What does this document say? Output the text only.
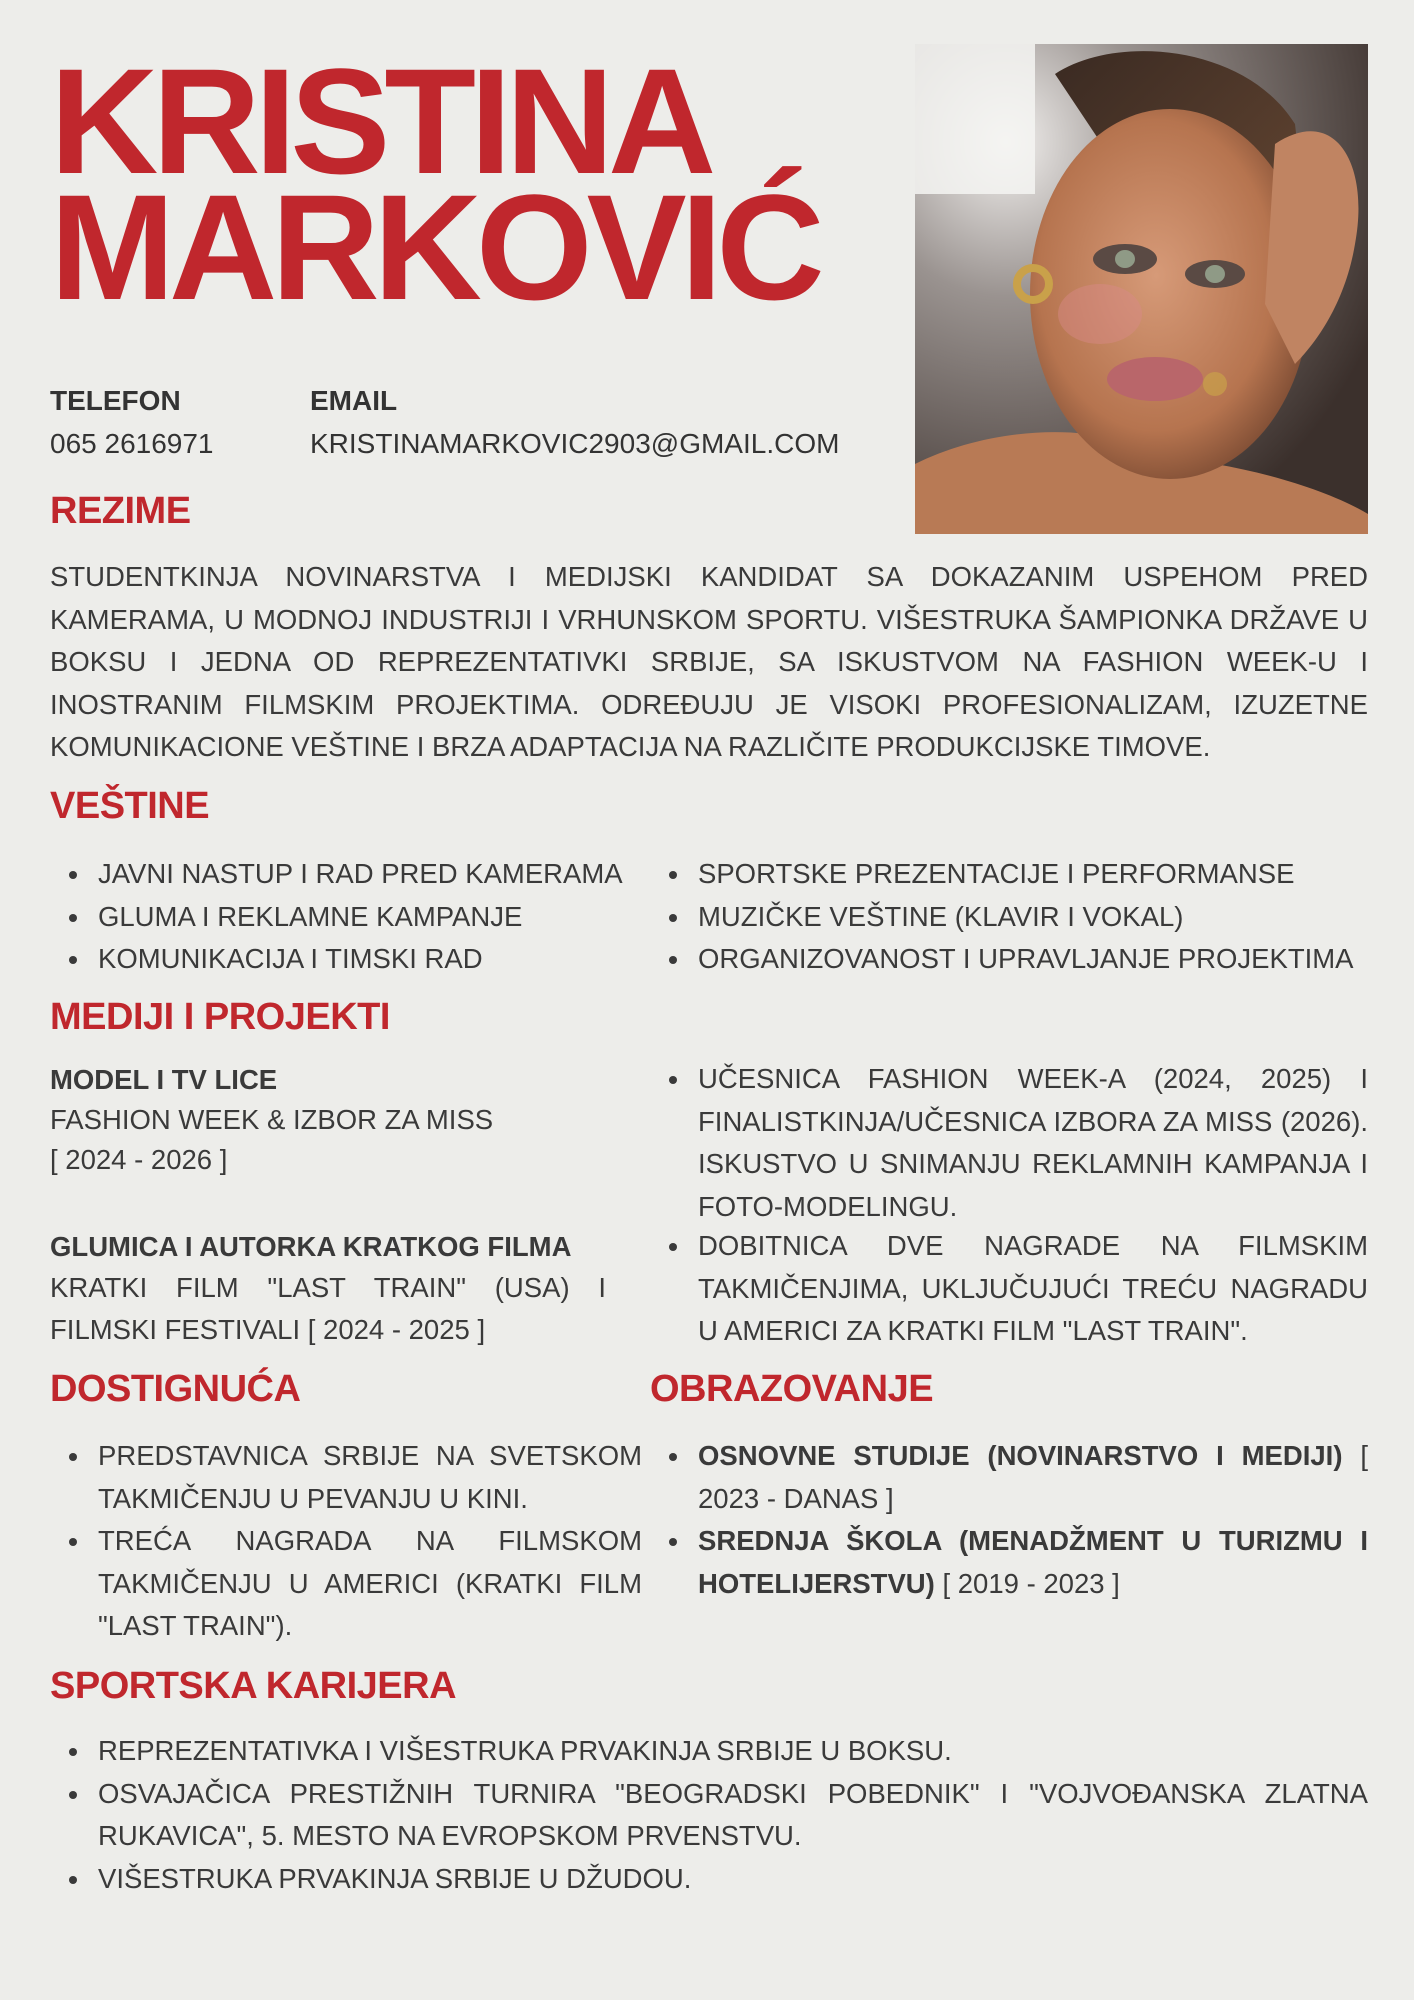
KRISTINA
MARKOVIĆ
TELEFON
065 2616971
EMAIL
KRISTINAMARKOVIC2903@GMAIL.COM
REZIME

STUDENTKINJA NOVINARSTVA I MEDIJSKI KANDIDAT SA DOKAZANIM USPEHOM PRED KAMERAMA, U MODNOJ INDUSTRIJI I VRHUNSKOM SPORTU. VIŠESTRUKA ŠAMPIONKA DRŽAVE U BOKSU I JEDNA OD REPREZENTATIVKI SRBIJE, SA ISKUSTVOM NA FASHION WEEK-U I INOSTRANIM FILMSKIM PROJEKTIMA. ODREĐUJU JE VISOKI PROFESIONALIZAM, IZUZETNE KOMUNIKACIONE VEŠTINE I BRZA ADAPTACIJA NA RAZLIČITE PRODUKCIJSKE TIMOVE.

VEŠTINE
JAVNI NASTUP I RAD PRED KAMERAMA
GLUMA I REKLAMNE KAMPANJE
KOMUNIKACIJA I TIMSKI RAD
SPORTSKE PREZENTACIJE I PERFORMANSE
MUZIČKE VEŠTINE (KLAVIR I VOKAL)
ORGANIZOVANOST I UPRAVLJANJE PROJEKTIMA
MEDIJI I PROJEKTI

MODEL I TV LICE

FASHION WEEK & IZBOR ZA MISS

[ 2024 - 2026 ]

UČESNICA FASHION WEEK-A (2024, 2025) I FINALISTKINJA/UČESNICA IZBORA ZA MISS (2026). ISKUSTVO U SNIMANJU REKLAMNIH KAMPANJA I FOTO-MODELINGU.

GLUMICA I AUTORKA KRATKOG FILMA

KRATKI FILM "LAST TRAIN" (USA) I FILMSKI FESTIVALI [ 2024 - 2025 ]

DOBITNICA DVE NAGRADE NA FILMSKIM TAKMIČENJIMA, UKLJUČUJUĆI TREĆU NAGRADU U AMERICI ZA KRATKI FILM "LAST TRAIN".
DOSTIGNUĆA
PREDSTAVNICA SRBIJE NA SVETSKOM TAKMIČENJU U PEVANJU U KINI.
TREĆA NAGRADA NA FILMSKOM TAKMIČENJU U AMERICI (KRATKI FILM "LAST TRAIN").
OBRAZOVANJE
OSNOVNE STUDIJE (NOVINARSTVO I MEDIJI) [ 2023 - DANAS ]
SREDNJA ŠKOLA (MENADŽMENT U TURIZMU I HOTELIJERSTVU) [ 2019 - 2023 ]
SPORTSKA KARIJERA
REPREZENTATIVKA I VIŠESTRUKA PRVAKINJA SRBIJE U BOKSU.
OSVAJAČICA PRESTIŽNIH TURNIRA "BEOGRADSKI POBEDNIK" I "VOJVOĐANSKA ZLATNA RUKAVICA", 5. MESTO NA EVROPSKOM PRVENSTVU.
VIŠESTRUKA PRVAKINJA SRBIJE U DŽUDOU.
